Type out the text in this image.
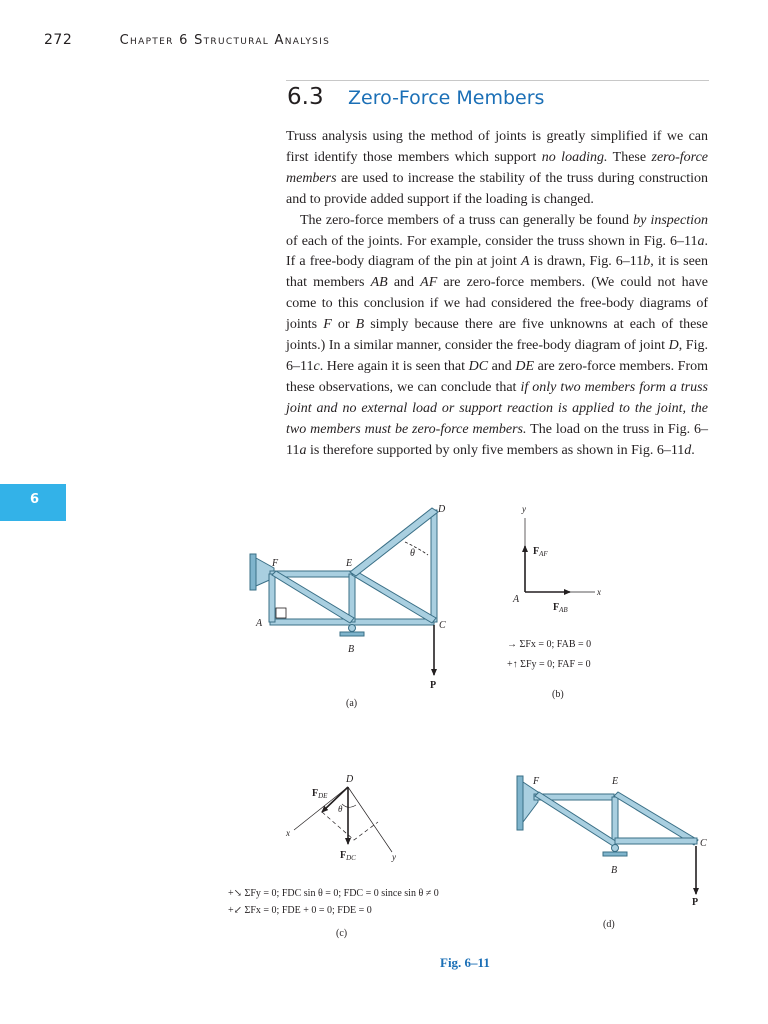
272	Chapter 6 Structural Analysis
6.3 Zero-Force Members

Truss analysis using the method of joints is greatly simplified if we can first identify those members which support no loading. These zero-force members are used to increase the stability of the truss during construction and to provide added support if the loading is changed.

The zero-force members of a truss can generally be found by inspection of each of the joints. For example, consider the truss shown in Fig. 6–11a. If a free-body diagram of the pin at joint A is drawn, Fig. 6–11b, it is seen that members AB and AF are zero-force members. (We could not have come to this conclusion if we had considered the free-body diagrams of joints F or B simply because there are five unknowns at each of these joints.) In a similar manner, consider the free-body diagram of joint D, Fig. 6–11c. Here again it is seen that DC and DE are zero-force members. From these observations, we can conclude that if only two members form a truss joint and no external load or support reaction is applied to the joint, the two members must be zero-force members. The load on the truss in Fig. 6–11a is therefore supported by only five members as shown in Fig. 6–11d.

6
D
F	E
A	C
B
θ
P
(a)
y
x
A
$F_{AF}$
$F_{AB}$
→ ΣFx = 0; FAB = 0
+↑ ΣFy = 0; FAF = 0
(b)
D
x
y
θ
$F_{DE}$
$F_{DC}$
+↘ ΣFy = 0; FDC sin θ = 0; FDC = 0 since sin θ ≠ 0
+↙ ΣFx = 0; FDE + 0 = 0; FDE = 0
(c)
F	E
C
B
P
(d)
Fig. 6–11
